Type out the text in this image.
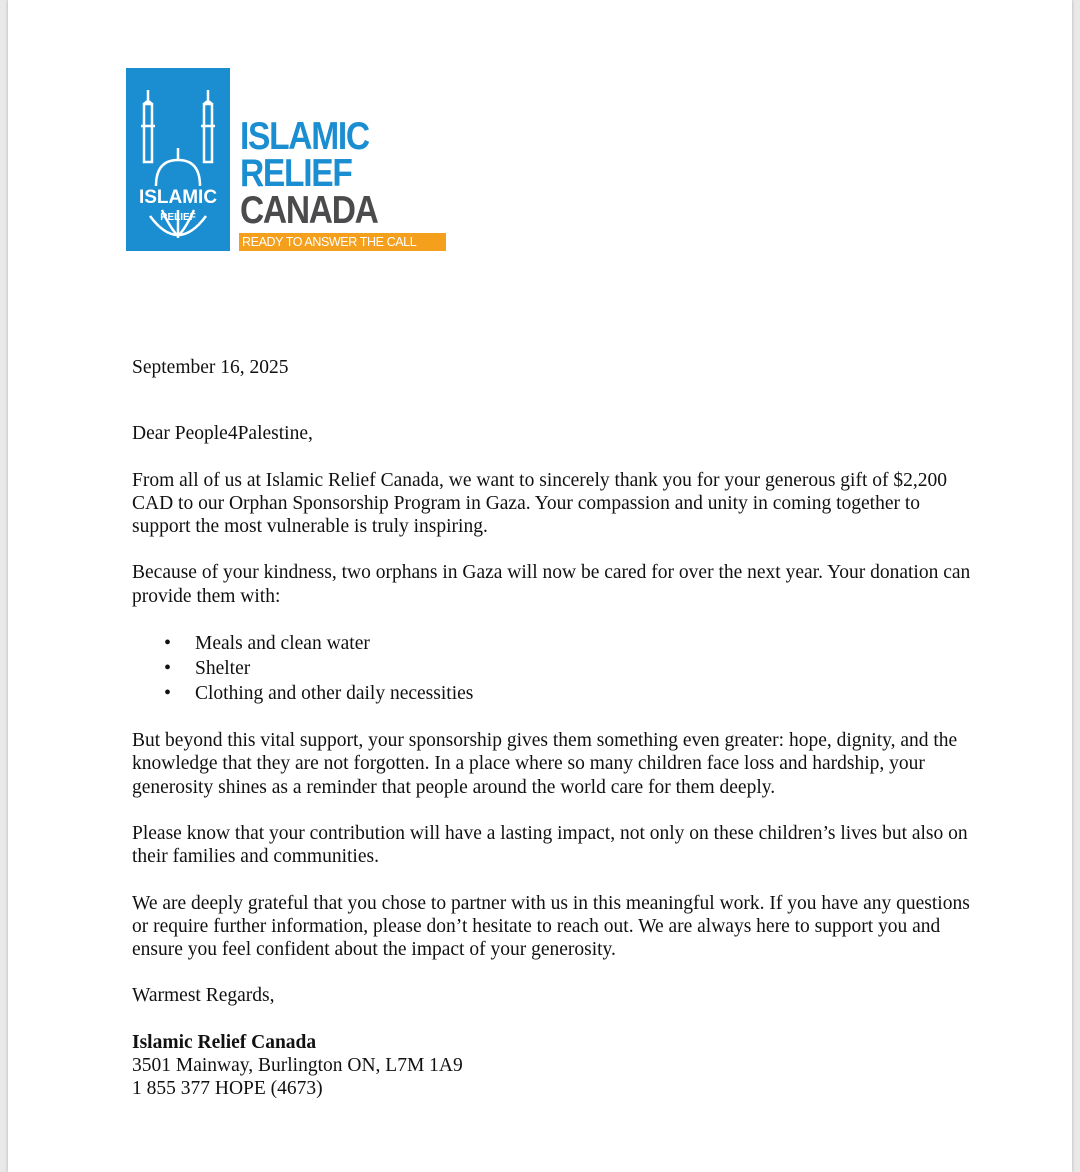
ISLAMIC
RELIEF
ISLAMIC
RELIEF
CANADA
READY TO ANSWER THE CALL

September 16, 2025

Dear People4Palestine,

From all of us at Islamic Relief Canada, we want to sincerely thank you for your generous gift of $2,200 CAD to our Orphan Sponsorship Program in Gaza. Your compassion and unity in coming together to support the most vulnerable is truly inspiring.

Because of your kindness, two orphans in Gaza will now be cared for over the next year. Your donation can provide them with:

• Meals and clean water
• Shelter
• Clothing and other daily necessities

But beyond this vital support, your sponsorship gives them something even greater: hope, dignity, and the knowledge that they are not forgotten. In a place where so many children face loss and hardship, your generosity shines as a reminder that people around the world care for them deeply.

Please know that your contribution will have a lasting impact, not only on these children’s lives but also on their families and communities.

We are deeply grateful that you chose to partner with us in this meaningful work. If you have any questions or require further information, please don’t hesitate to reach out. We are always here to support you and ensure you feel confident about the impact of your generosity.

Warmest Regards,

Islamic Relief Canada

3501 Mainway, Burlington ON, L7M 1A9

1 855 377 HOPE (4673)
